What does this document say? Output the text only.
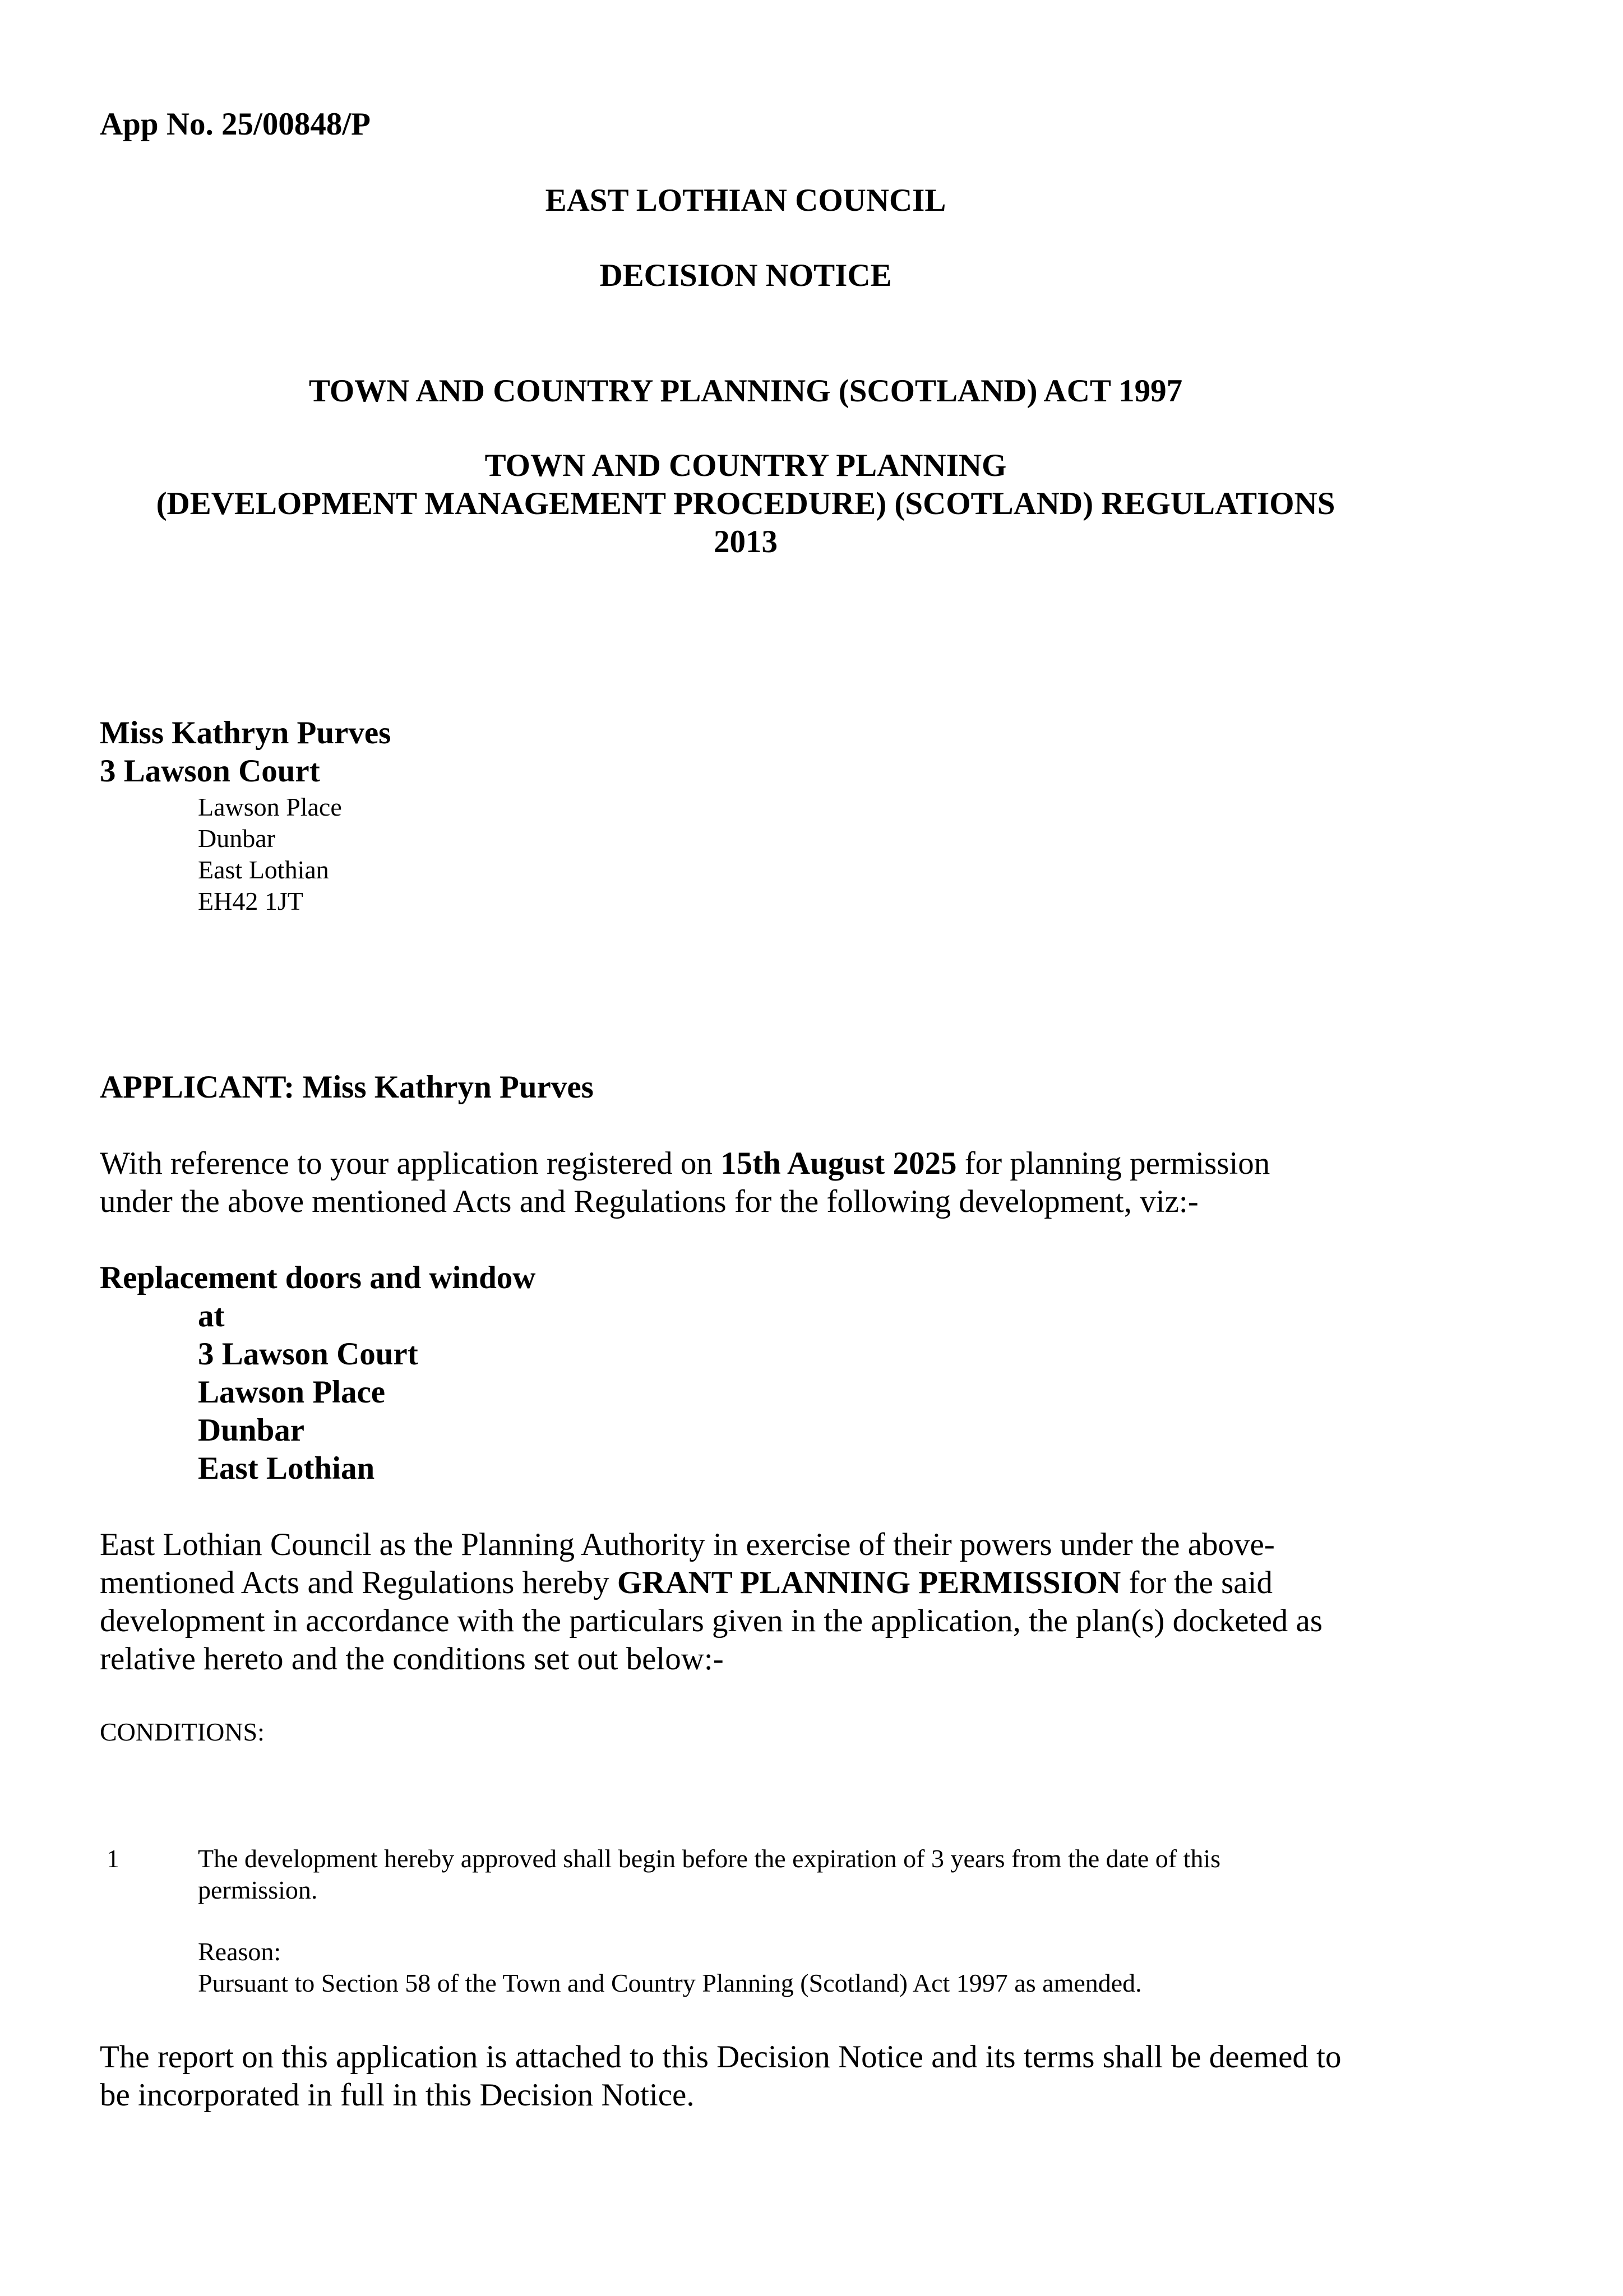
App No. 25/00848/P

EAST LOTHIAN COUNCIL

DECISION NOTICE

TOWN AND COUNTRY PLANNING (SCOTLAND) ACT 1997

TOWN AND COUNTRY PLANNING

(DEVELOPMENT MANAGEMENT PROCEDURE) (SCOTLAND) REGULATIONS

2013

Miss Kathryn Purves

3 Lawson Court

Lawson Place

Dunbar

East Lothian

EH42 1JT

APPLICANT: Miss Kathryn Purves

With reference to your application registered on 15th August 2025 for planning permission

under the above mentioned Acts and Regulations for the following development, viz:-

Replacement doors and window

at

3 Lawson Court

Lawson Place

Dunbar

East Lothian

East Lothian Council as the Planning Authority in exercise of their powers under the above-

mentioned Acts and Regulations hereby GRANT PLANNING PERMISSION for the said

development in accordance with the particulars given in the application, the plan(s) docketed as

relative hereto and the conditions set out below:-

CONDITIONS:

1	The development hereby approved shall begin before the expiration of 3 years from the date of this

permission.

Reason:

Pursuant to Section 58 of the Town and Country Planning (Scotland) Act 1997 as amended.

The report on this application is attached to this Decision Notice and its terms shall be deemed to

be incorporated in full in this Decision Notice.
